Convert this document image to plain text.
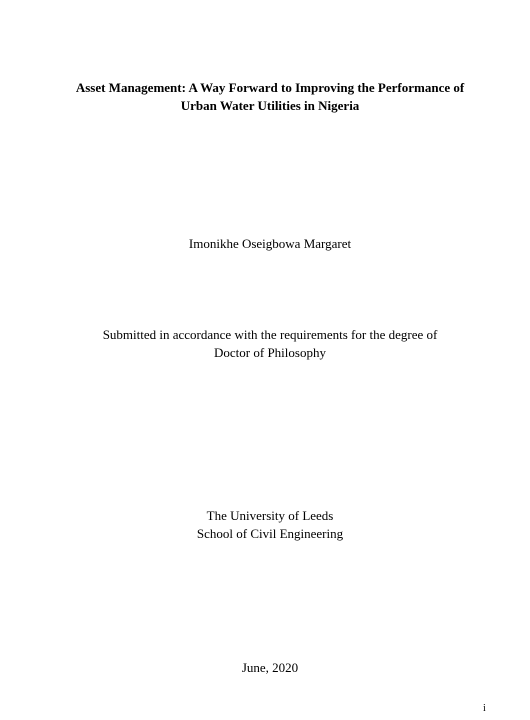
Asset Management: A Way Forward to Improving the Performance of
Urban Water Utilities in Nigeria
Imonikhe Oseigbowa Margaret
Submitted in accordance with the requirements for the degree of
Doctor of Philosophy
The University of Leeds
School of Civil Engineering
June, 2020
i
